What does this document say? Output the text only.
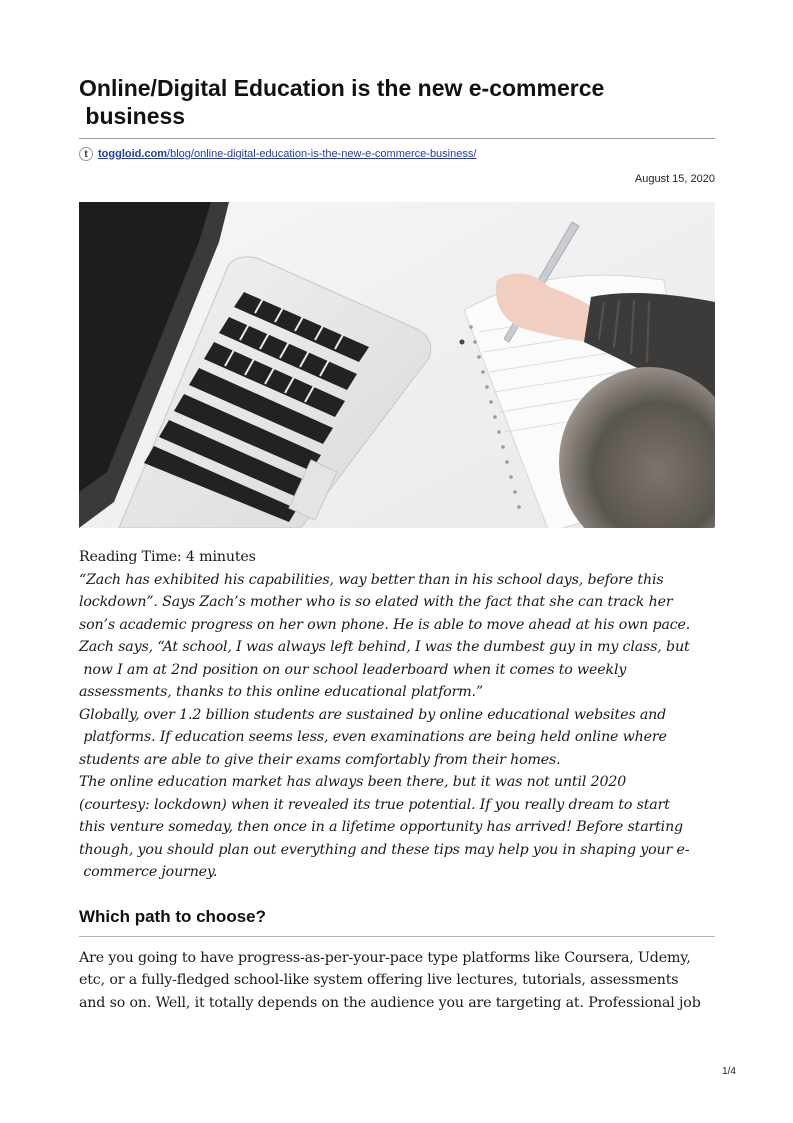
Online/Digital Education is the new e-commerce
business
t toggloid.com /blog/online-digital-education-is-the-new-e-commerce-business/
August 15, 2020

Reading Time: 4 minutes

“Zach has exhibited his capabilities, way better than in his school days, before this
lockdown”. Says Zach’s mother who is so elated with the fact that she can track her
son’s academic progress on her own phone. He is able to move ahead at his own pace.
Zach says, “At school, I was always left behind, I was the dumbest guy in my class, but
now I am at 2nd position on our school leaderboard when it comes to weekly
assessments, thanks to this online educational platform.”
Globally, over 1.2 billion students are sustained by online educational websites and
platforms. If education seems less, even examinations are being held online where
students are able to give their exams comfortably from their homes.
The online education market has always been there, but it was not until 2020
(courtesy: lockdown) when it revealed its true potential. If you really dream to start
this venture someday, then once in a lifetime opportunity has arrived! Before starting
though, you should plan out everything and these tips may help you in shaping your e-
commerce journey.

Which path to choose?
Are you going to have progress-as-per-your-pace type platforms like Coursera, Udemy,
etc, or a fully-fledged school-like system offering live lectures, tutorials, assessments
and so on. Well, it totally depends on the audience you are targeting at. Professional job
1/4
